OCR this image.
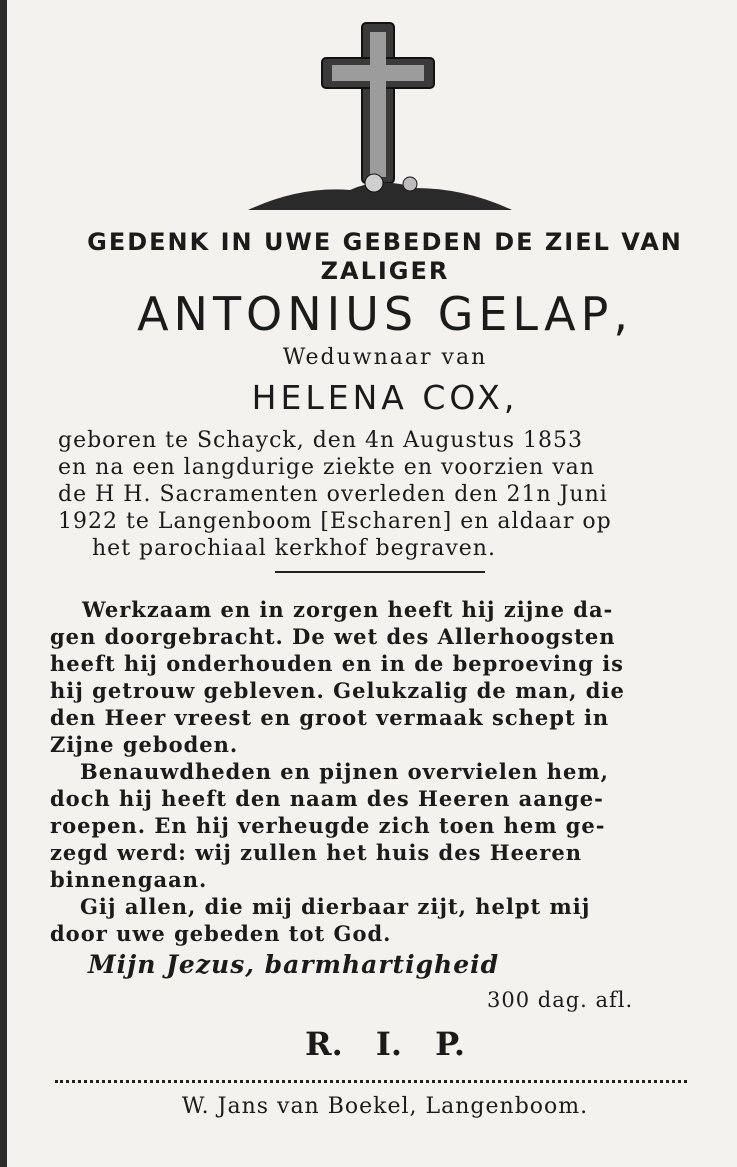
GEDENK IN UWE GEBEDEN DE ZIEL VAN
ZALIGER
ANTONIUS GELAP,
Weduwnaar van
HELENA COX,
geboren te Schayck, den 4n Augustus 1853
en na een langdurige ziekte en voorzien van
de H H. Sacramenten overleden den 21n Juni
1922 te Langenboom [Escharen] en aldaar op
het parochiaal kerkhof begraven.
Werkzaam en in zorgen heeft hij zijne da-
gen doorgebracht. De wet des Allerhoogsten
heeft hij onderhouden en in de beproeving is
hij getrouw gebleven. Gelukzalig de man, die
den Heer vreest en groot vermaak schept in
Zijne geboden.
Benauwdheden en pijnen overvielen hem,
doch hij heeft den naam des Heeren aange-
roepen. En hij verheugde zich toen hem ge-
zegd werd: wij zullen het huis des Heeren
binnengaan.
Gij allen, die mij dierbaar zijt, helpt mij
door uwe gebeden tot God.
Mijn Jezus, barmhartigheid
300 dag. afl.
R. I. P.
W. Jans van Boekel, Langenboom.
